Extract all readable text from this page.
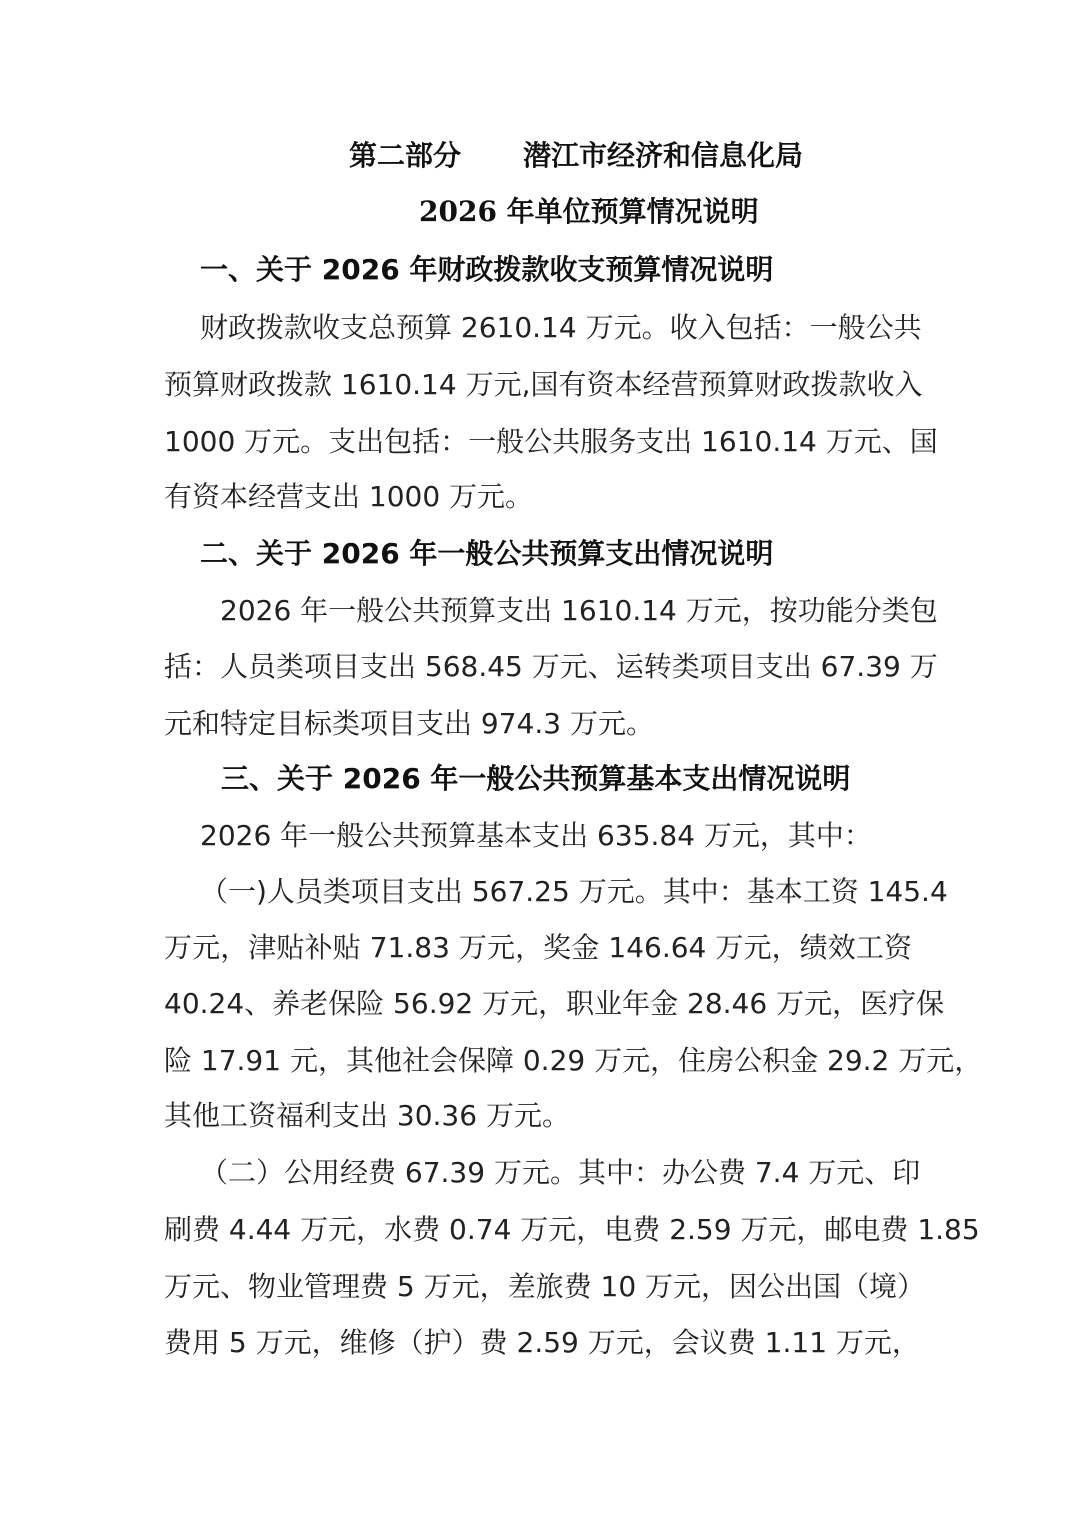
第二部分 潜江市经济和信息化局
2026 年单位预算情况说明
一、关于 2026 年财政拨款收支预算情况说明
财政拨款收支总预算 2610.14 万元。收入包括：一般公共
预算财政拨款 1610.14 万元,国有资本经营预算财政拨款收入
1000 万元。支出包括：一般公共服务支出 1610.14 万元、国
有资本经营支出 1000 万元。
二、关于 2026 年一般公共预算支出情况说明
2026 年一般公共预算支出 1610.14 万元，按功能分类包
括：人员类项目支出 568.45 万元、运转类项目支出 67.39 万
元和特定目标类项目支出 974.3 万元。
三、关于 2026 年一般公共预算基本支出情况说明
2026 年一般公共预算基本支出 635.84 万元，其中：
（一)人员类项目支出 567.25 万元。其中：基本工资 145.4
万元，津贴补贴 71.83 万元，奖金 146.64 万元，绩效工资
40.24、养老保险 56.92 万元，职业年金 28.46 万元，医疗保
险 17.91 元，其他社会保障 0.29 万元，住房公积金 29.2 万元，
其他工资福利支出 30.36 万元。
（二）公用经费 67.39 万元。其中：办公费 7.4 万元、印
刷费 4.44 万元，水费 0.74 万元，电费 2.59 万元，邮电费 1.85
万元、物业管理费 5 万元，差旅费 10 万元，因公出国（境）
费用 5 万元，维修（护）费 2.59 万元，会议费 1.11 万元，
